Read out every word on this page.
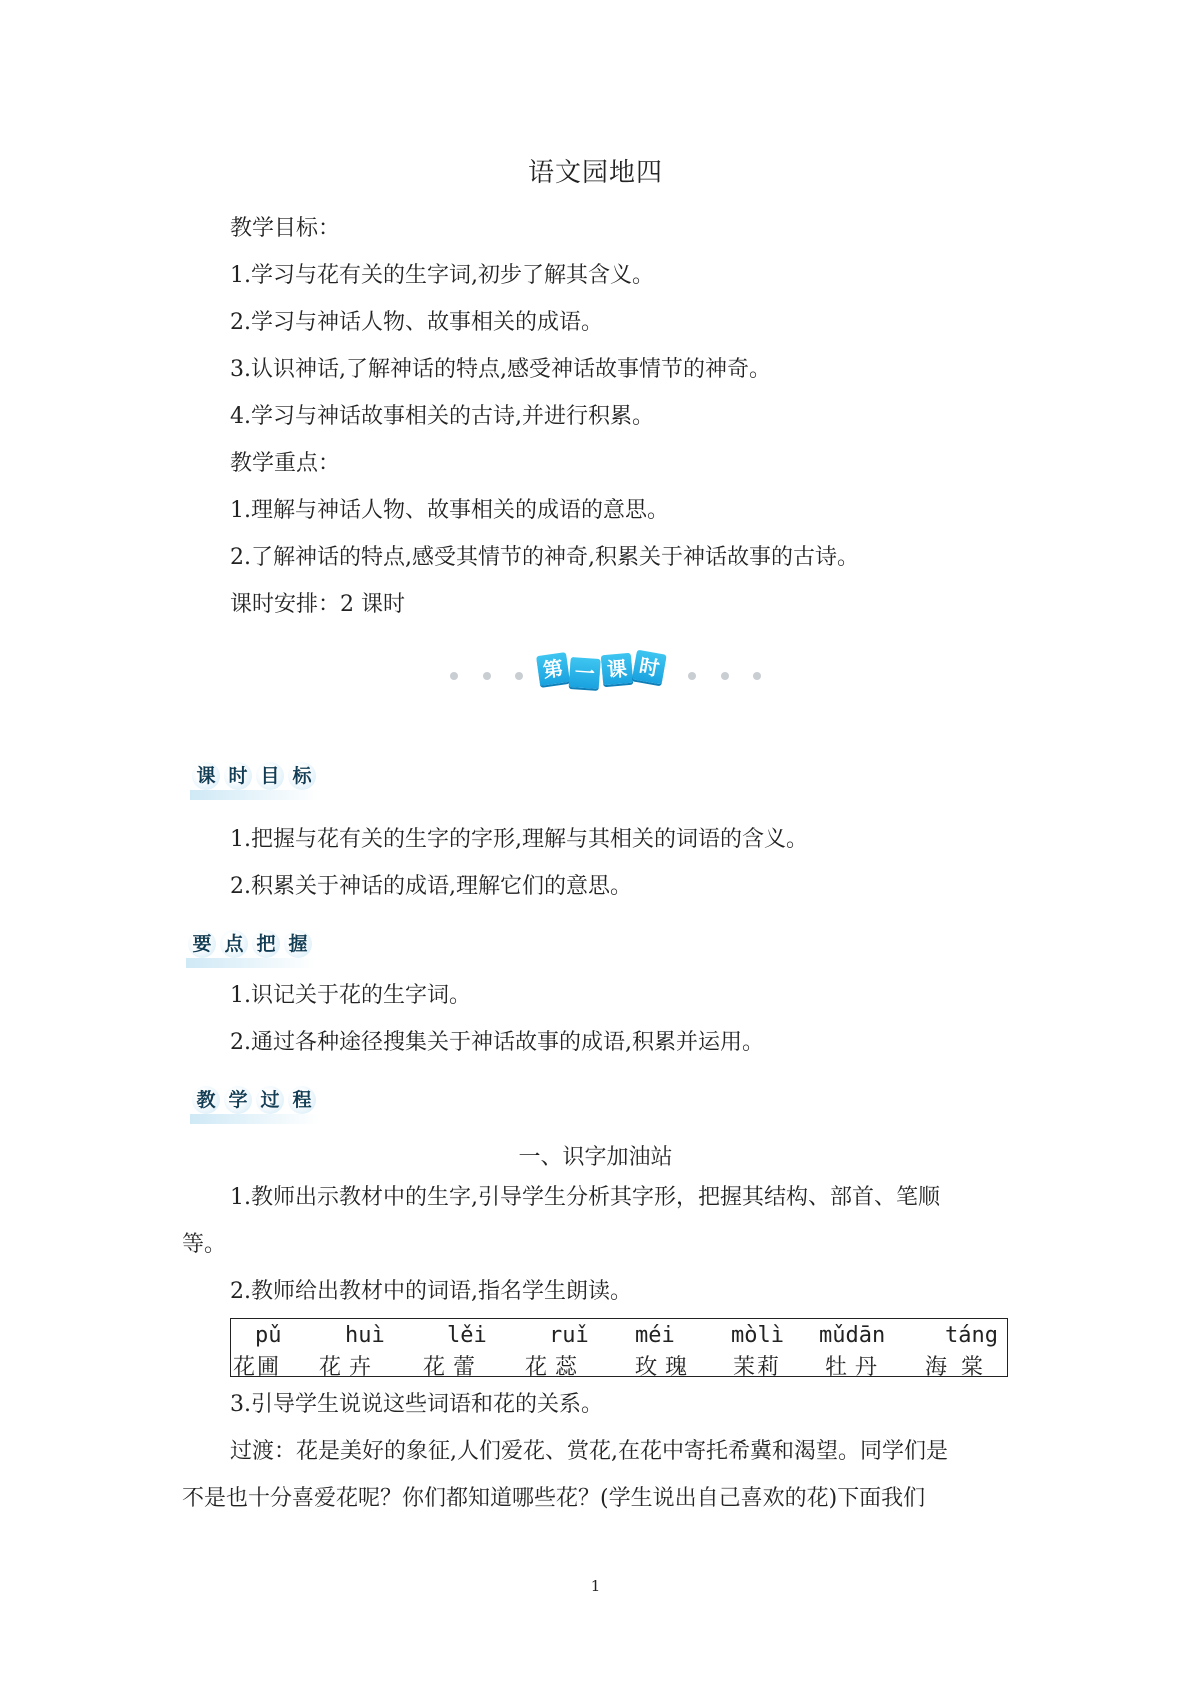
语文园地四
教学目标：
1.学习与花有关的生字词,初步了解其含义。
2.学习与神话人物、故事相关的成语。
3.认识神话,了解神话的特点,感受神话故事情节的神奇。
4.学习与神话故事相关的古诗,并进行积累。
教学重点：
1.理解与神话人物、故事相关的成语的意思。
2.了解神话的特点,感受其情节的神奇,积累关于神话故事的古诗。
课时安排：2 课时
第 一 课 时
课 时 目 标
1.把握与花有关的生字的字形,理解与其相关的词语的含义。
2.积累关于神话的成语,理解它们的意思。
要 点 把 握
1.识记关于花的生字词。
2.通过各种途径搜集关于神话故事的成语,积累并运用。
教 学 过 程
一、识字加油站
1.教师出示教材中的生字,引导学生分析其字形，把握其结构、部首、笔顺
等。
2.教师给出教材中的词语,指名学生朗读。
pǔ
花圃
huì
花卉
lěi
花蕾
ruǐ
花蕊
méi
玫瑰
mòlì
茉莉
mǔdān
牡丹
táng
海棠
3.引导学生说说这些词语和花的关系。
过渡：花是美好的象征,人们爱花、赏花,在花中寄托希冀和渴望。同学们是
不是也十分喜爱花呢？你们都知道哪些花？(学生说出自己喜欢的花)下面我们
1
